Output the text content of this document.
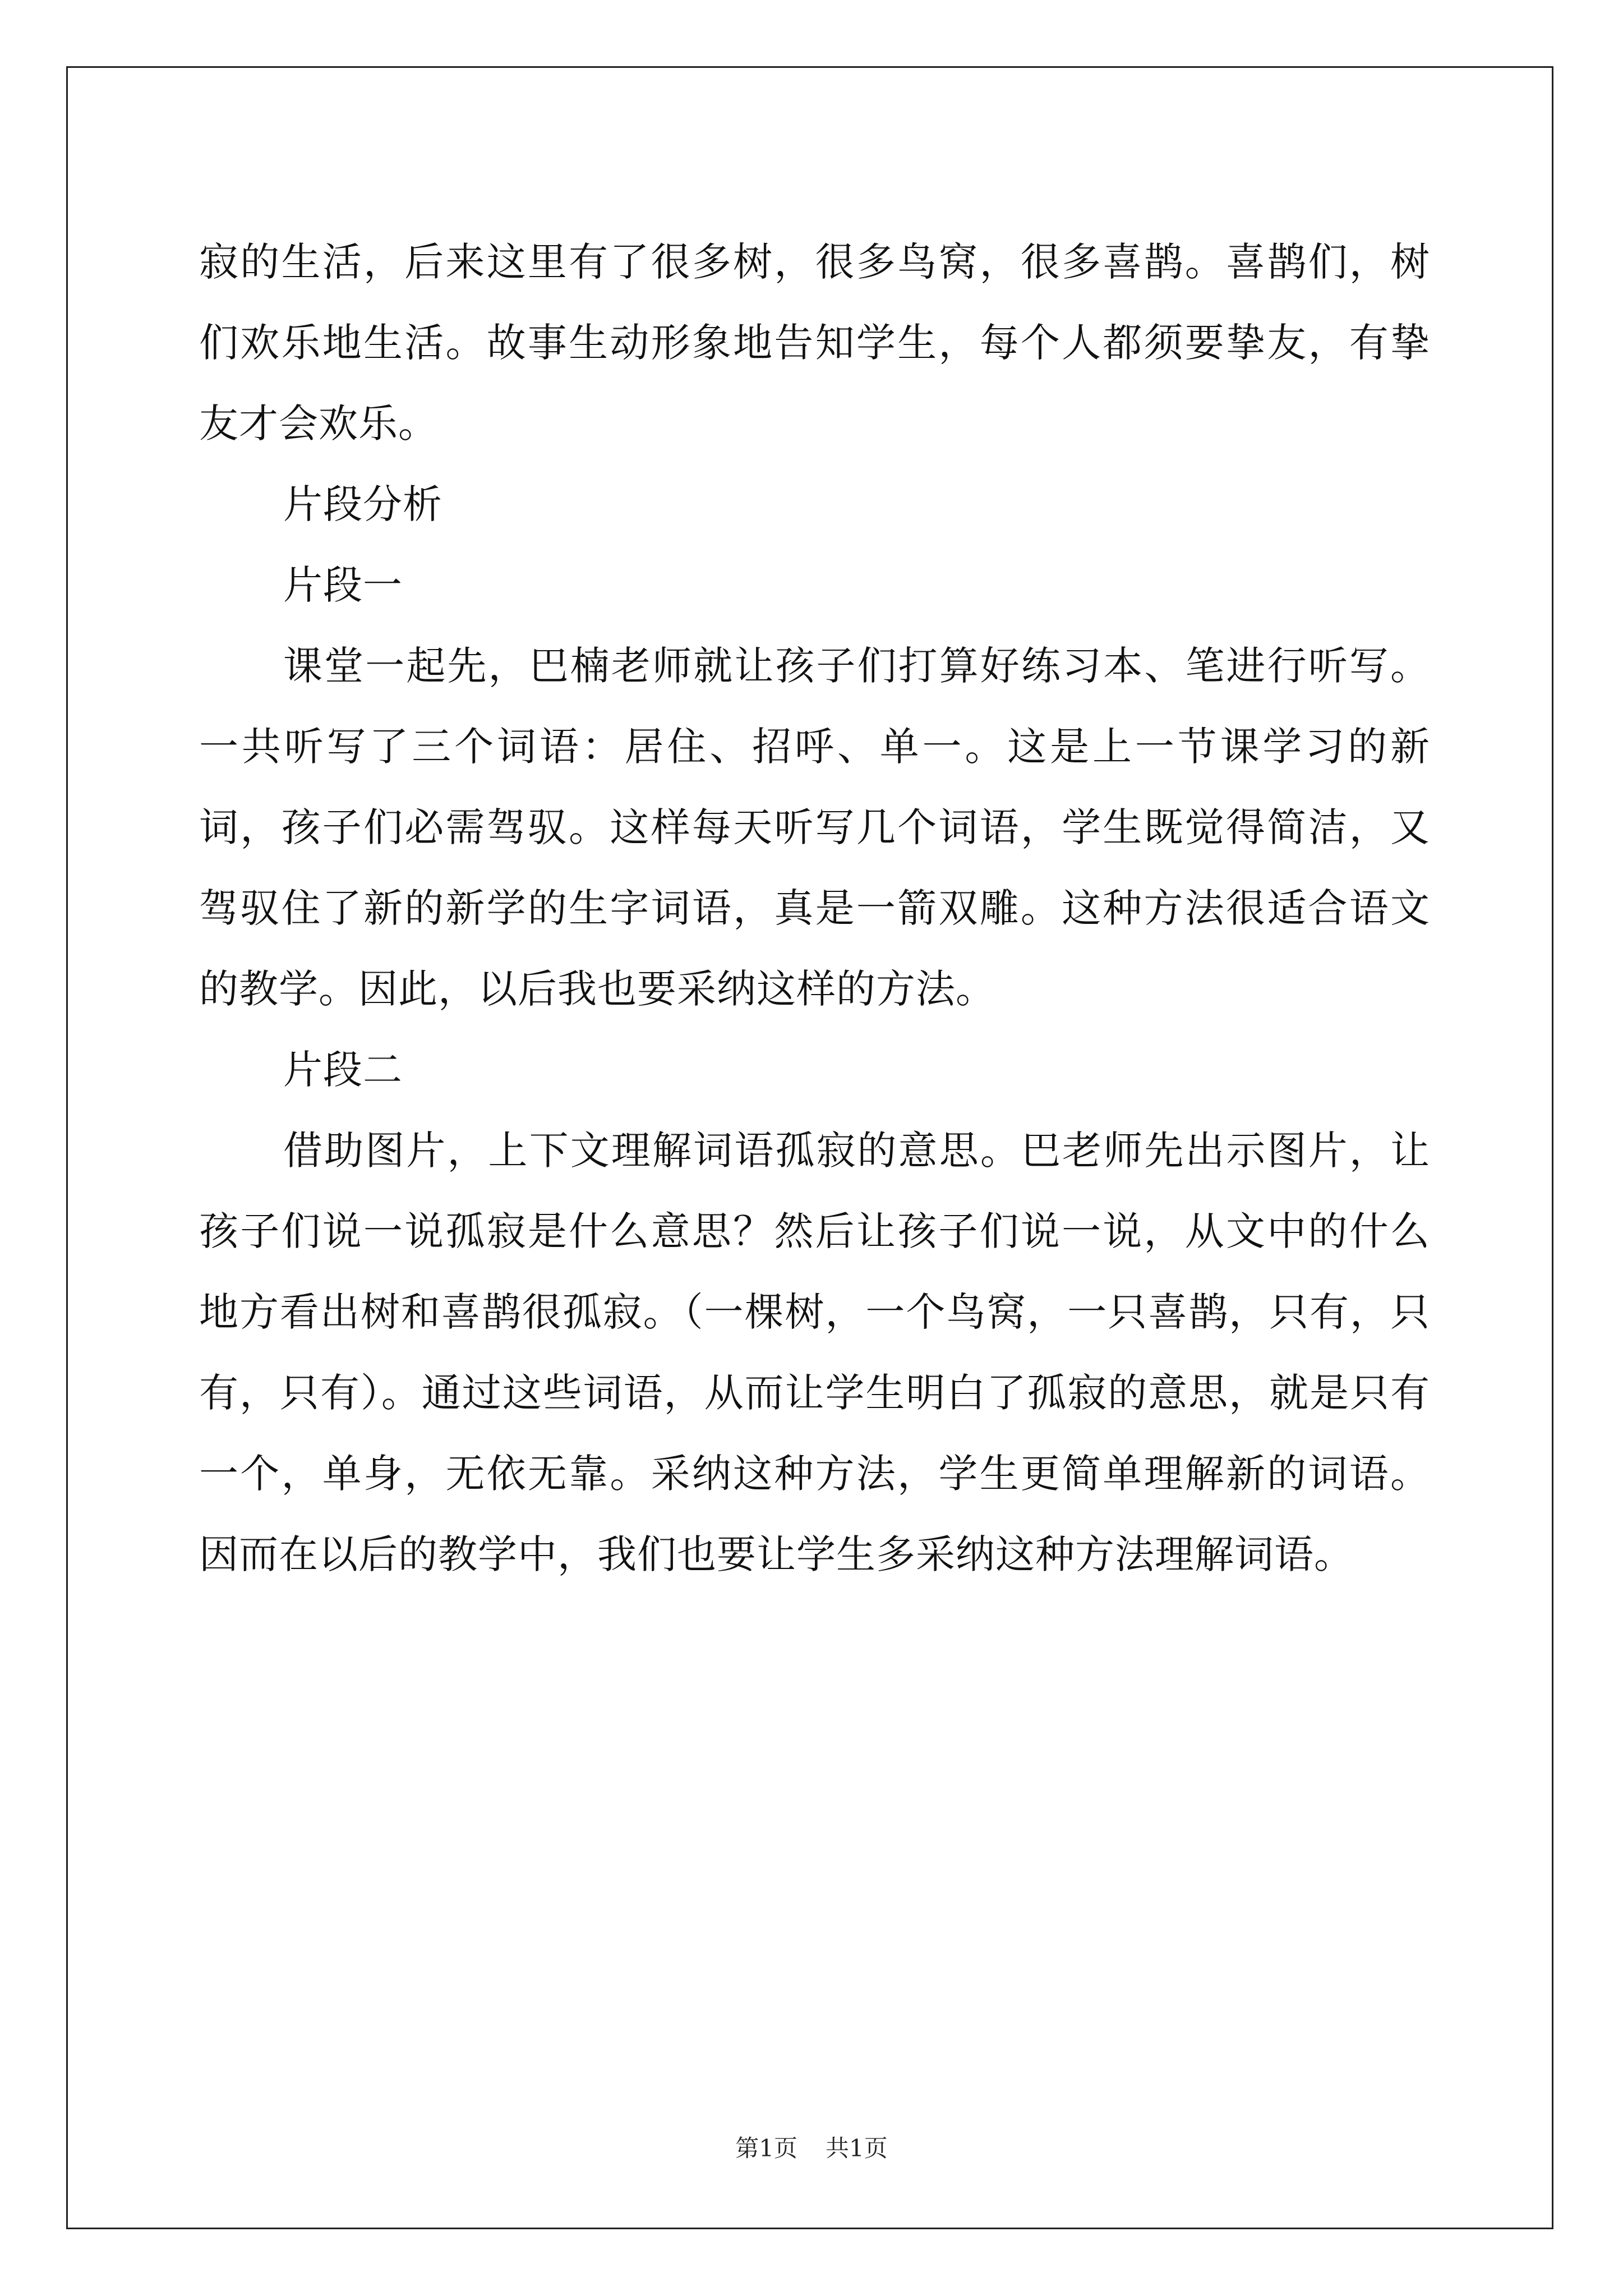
寂的生活，后来这里有了很多树，很多鸟窝，很多喜鹊。喜鹊们，树们欢乐地生活。故事生动形象地告知学生，每个人都须要挚友，有挚友才会欢乐。

片段分析

片段一

课堂一起先，巴楠老师就让孩子们打算好练习本、笔进行听写。一共听写了三个词语：居住、招呼、单一。这是上一节课学习的新词，孩子们必需驾驭。这样每天听写几个词语，学生既觉得简洁，又驾驭住了新的新学的生字词语，真是一箭双雕。这种方法很适合语文的教学。因此，以后我也要采纳这样的方法。

片段二

借助图片，上下文理解词语孤寂的意思。巴老师先出示图片，让孩子们说一说孤寂是什么意思？然后让孩子们说一说，从文中的什么地方看出树和喜鹊很孤寂。（一棵树，一个鸟窝，一只喜鹊，只有，只有，只有）。通过这些词语，从而让学生明白了孤寂的意思，就是只有一个，单身，无依无靠。采纳这种方法，学生更简单理解新的词语。因而在以后的教学中，我们也要让学生多采纳这种方法理解词语。

第1页 共1页
